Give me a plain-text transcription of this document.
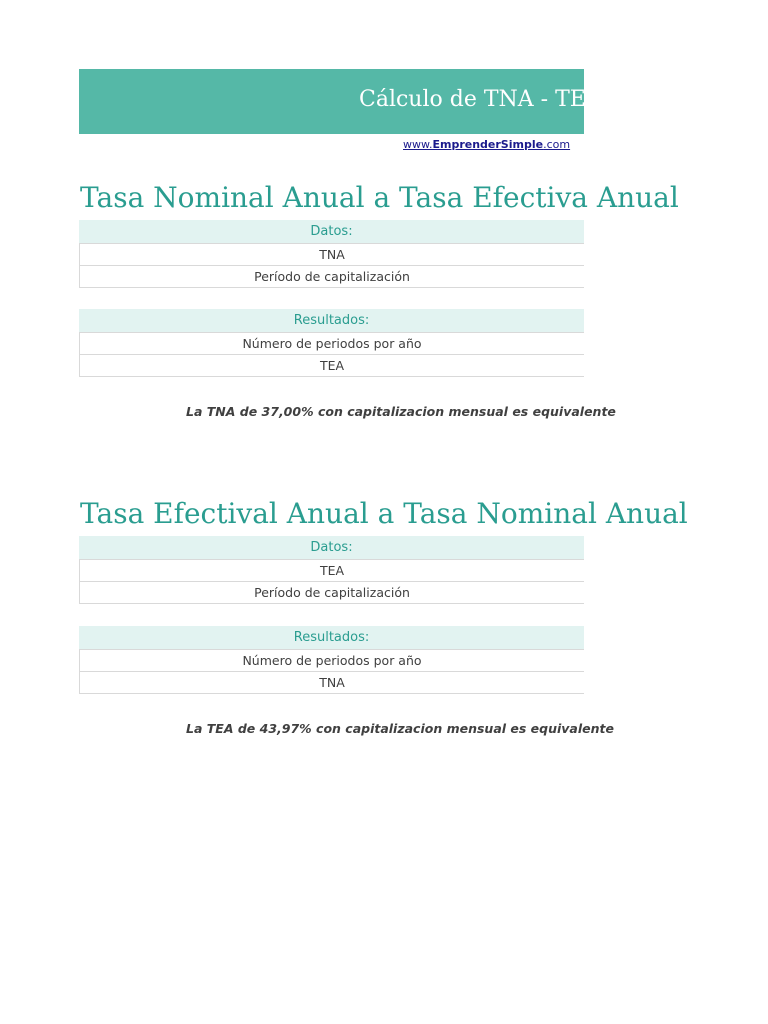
Cálculo de TNA - TEA
www.EmprenderSimple.com
Tasa Nominal Anual a Tasa Efectiva Anual
Datos:
TNA
Período de capitalización
Resultados:
Número de periodos por año
TEA
La TNA de 37,00% con capitalizacion mensual es equivalente
Tasa Efectival Anual a Tasa Nominal Anual
Datos:
TEA
Período de capitalización
Resultados:
Número de periodos por año
TNA
La TEA de 43,97% con capitalizacion mensual es equivalente
